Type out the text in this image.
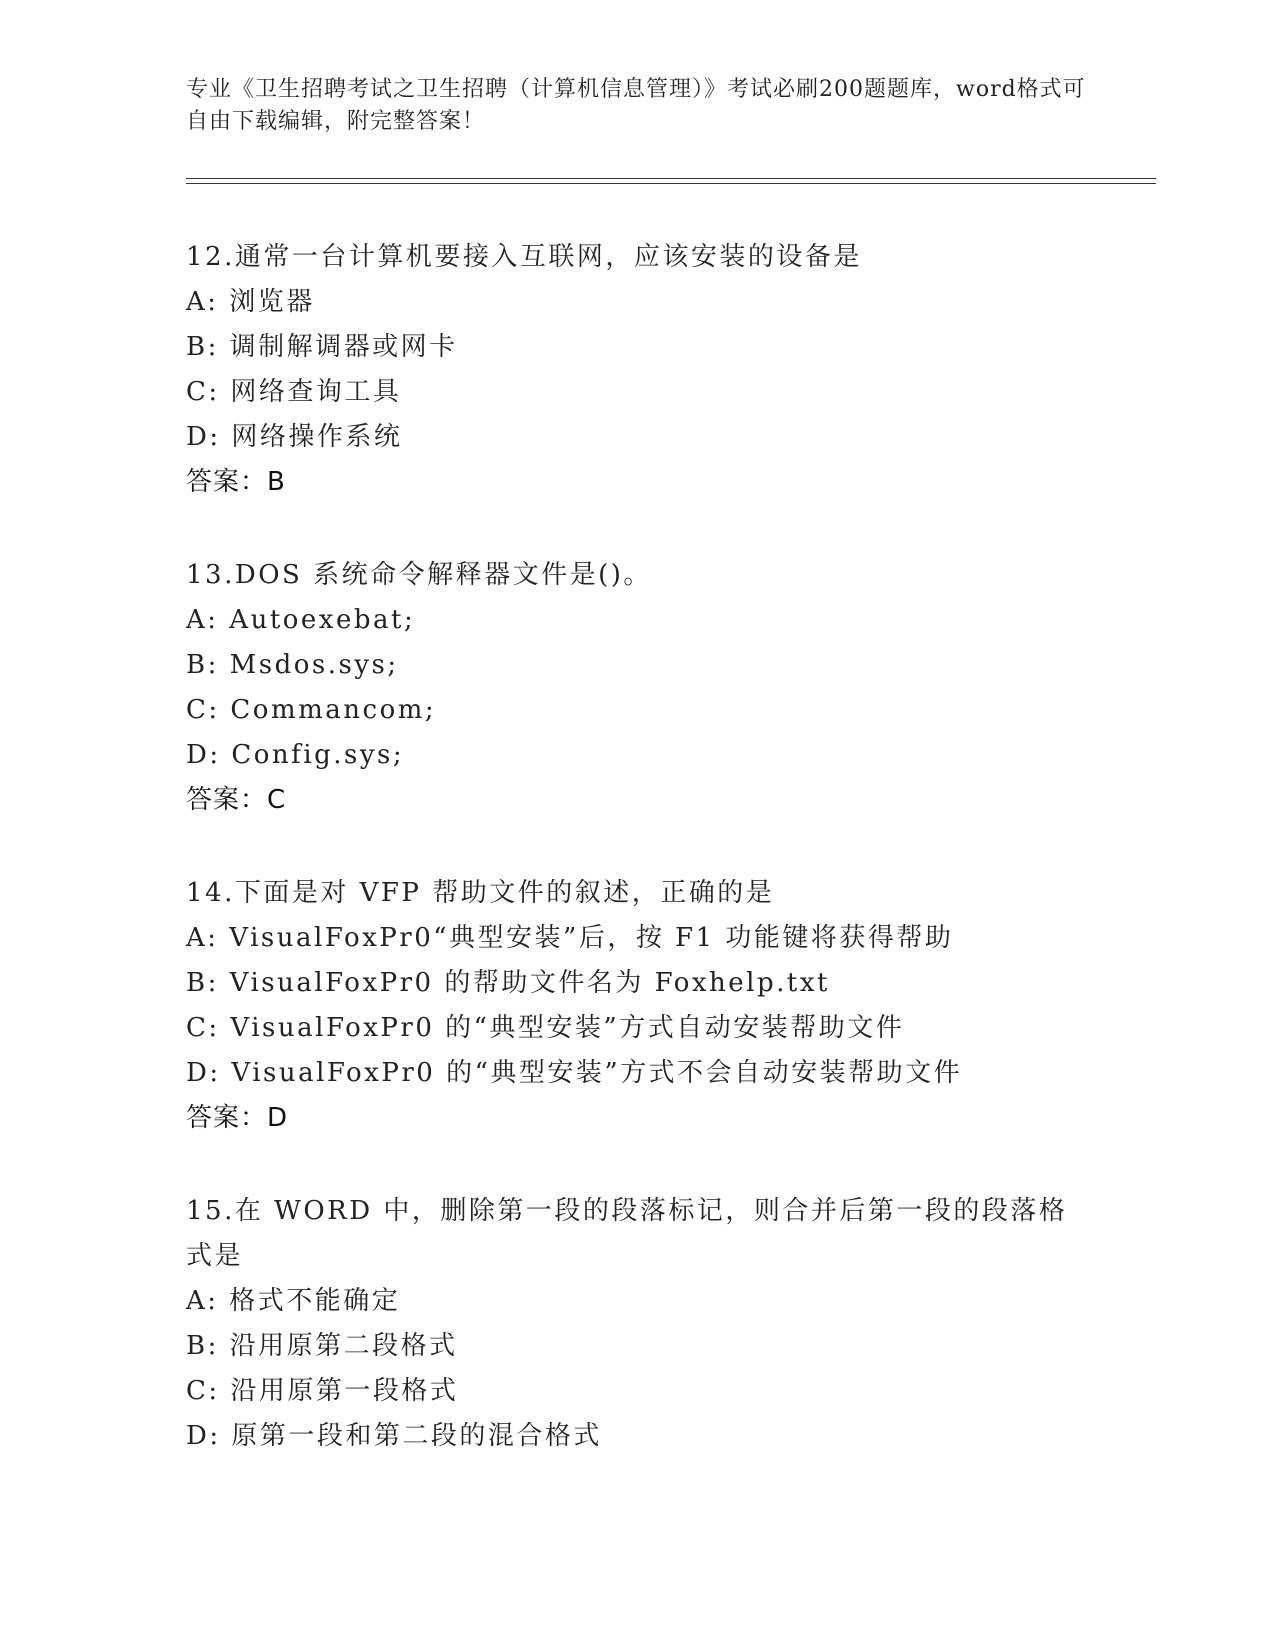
专业《卫生招聘考试之卫生招聘（计算机信息管理）》考试必刷200题题库，word格式可自由下载编辑，附完整答案！
12.通常一台计算机要接入互联网，应该安装的设备是
A: 浏览器
B: 调制解调器或网卡
C: 网络查询工具
D: 网络操作系统
答案：B
13.DOS 系统命令解释器文件是()。
A: Autoexebat;
B: Msdos.sys;
C: Commancom;
D: Config.sys;
答案：C
14.下面是对 VFP 帮助文件的叙述，正确的是
A: VisualFoxPr0“典型安装”后，按 F1 功能键将获得帮助
B: VisualFoxPr0 的帮助文件名为 Foxhelp.txt
C: VisualFoxPr0 的“典型安装”方式自动安装帮助文件
D: VisualFoxPr0 的“典型安装”方式不会自动安装帮助文件
答案：D
15.在 WORD 中，删除第一段的段落标记，则合并后第一段的段落格式是
A: 格式不能确定
B: 沿用原第二段格式
C: 沿用原第一段格式
D: 原第一段和第二段的混合格式
